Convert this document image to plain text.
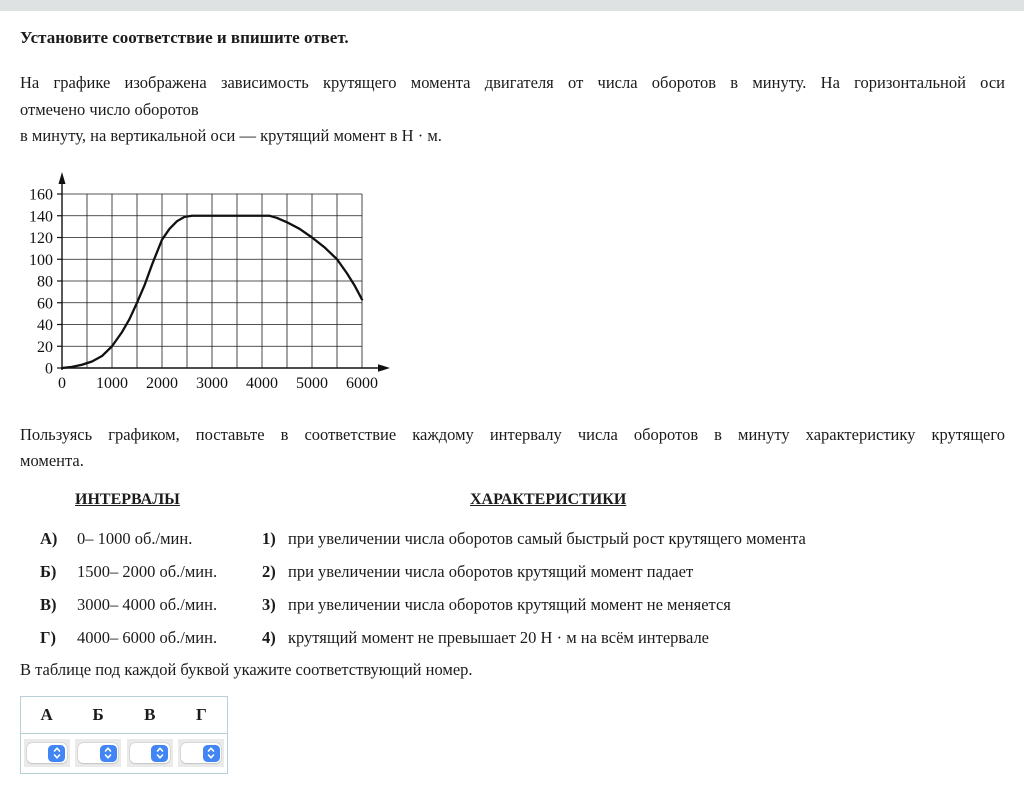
Установите соответствие и впишите ответ.
На графике изображена зависимость крутящего момента двигателя от числа оборотов в минуту. На горизонтальной оси
отмечено число оборотов
в минуту, на вертикальной оси — крутящий момент в Н · м.
0
20
40
60
80
100
120
140
160
0 1000 2000 3000 4000 5000 6000
Пользуясь графиком, поставьте в соответствие каждому интервалу числа оборотов в минуту характеристику крутящего
момента.
ИНТЕРВАЛЫ	ХАРАКТЕРИСТИКИ
А)	0– 1000 об./мин.	1) при увеличении числа оборотов самый быстрый рост крутящего момента
Б)	1500– 2000 об./мин.	2) при увеличении числа оборотов крутящий момент падает
В)	3000– 4000 об./мин.	3) при увеличении числа оборотов крутящий момент не меняется
Г)	4000– 6000 об./мин.	4) крутящий момент не превышает 20 Н · м на всём интервале
В таблице под каждой буквой укажите соответствующий номер.
А	Б	В	Г
